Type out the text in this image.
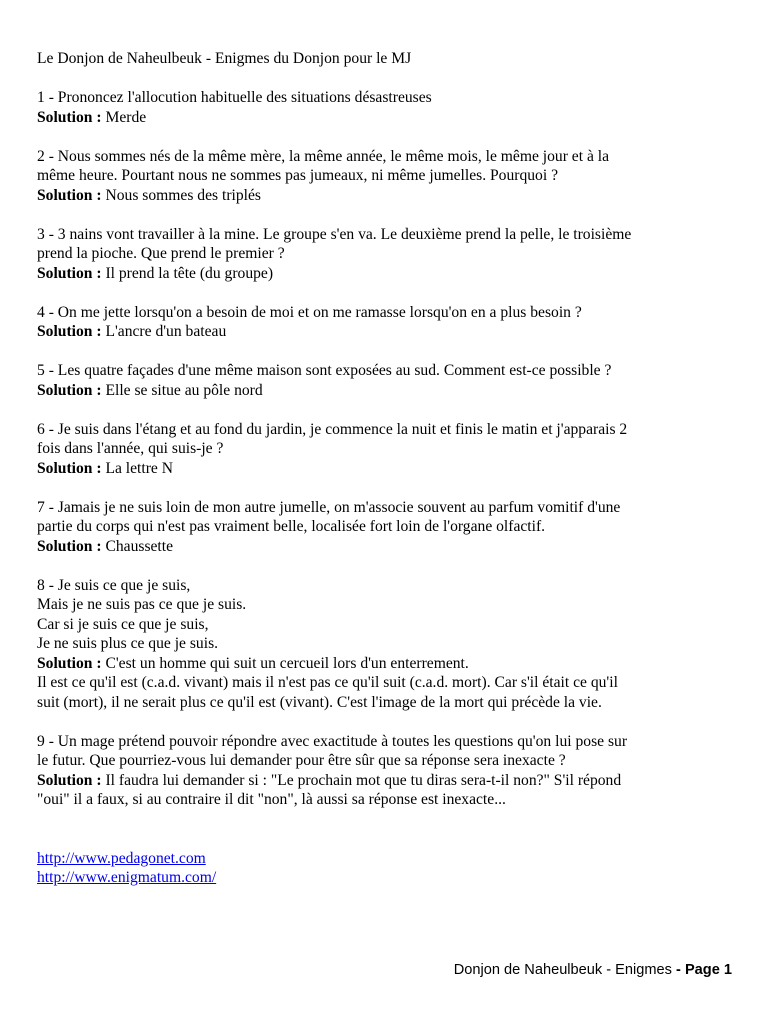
Le Donjon de Naheulbeuk - Enigmes du Donjon pour le MJ
1 - Prononcez l'allocution habituelle des situations désastreuses
Solution : Merde
2 - Nous sommes nés de la même mère, la même année, le même mois, le même jour et à la
même heure. Pourtant nous ne sommes pas jumeaux, ni même jumelles. Pourquoi ?
Solution : Nous sommes des triplés
3 - 3 nains vont travailler à la mine. Le groupe s'en va. Le deuxième prend la pelle, le troisième
prend la pioche. Que prend le premier ?
Solution : Il prend la tête (du groupe)
4 - On me jette lorsqu'on a besoin de moi et on me ramasse lorsqu'on en a plus besoin ?
Solution : L'ancre d'un bateau
5 - Les quatre façades d'une même maison sont exposées au sud. Comment est-ce possible ?
Solution : Elle se situe au pôle nord
6 - Je suis dans l'étang et au fond du jardin, je commence la nuit et finis le matin et j'apparais 2
fois dans l'année, qui suis-je ?
Solution : La lettre N
7 - Jamais je ne suis loin de mon autre jumelle, on m'associe souvent au parfum vomitif d'une
partie du corps qui n'est pas vraiment belle, localisée fort loin de l'organe olfactif.
Solution : Chaussette
8 - Je suis ce que je suis,
Mais je ne suis pas ce que je suis.
Car si je suis ce que je suis,
Je ne suis plus ce que je suis.
Solution : C'est un homme qui suit un cercueil lors d'un enterrement.
Il est ce qu'il est (c.a.d. vivant) mais il n'est pas ce qu'il suit (c.a.d. mort). Car s'il était ce qu'il
suit (mort), il ne serait plus ce qu'il est (vivant). C'est l'image de la mort qui précède la vie.
9 - Un mage prétend pouvoir répondre avec exactitude à toutes les questions qu'on lui pose sur
le futur. Que pourriez-vous lui demander pour être sûr que sa réponse sera inexacte ?
Solution : Il faudra lui demander si : "Le prochain mot que tu diras sera-t-il non?" S'il répond
"oui" il a faux, si au contraire il dit "non", là aussi sa réponse est inexacte...
http://www.pedagonet.com
http://www.enigmatum.com/
Donjon de Naheulbeuk - Enigmes - Page 1
